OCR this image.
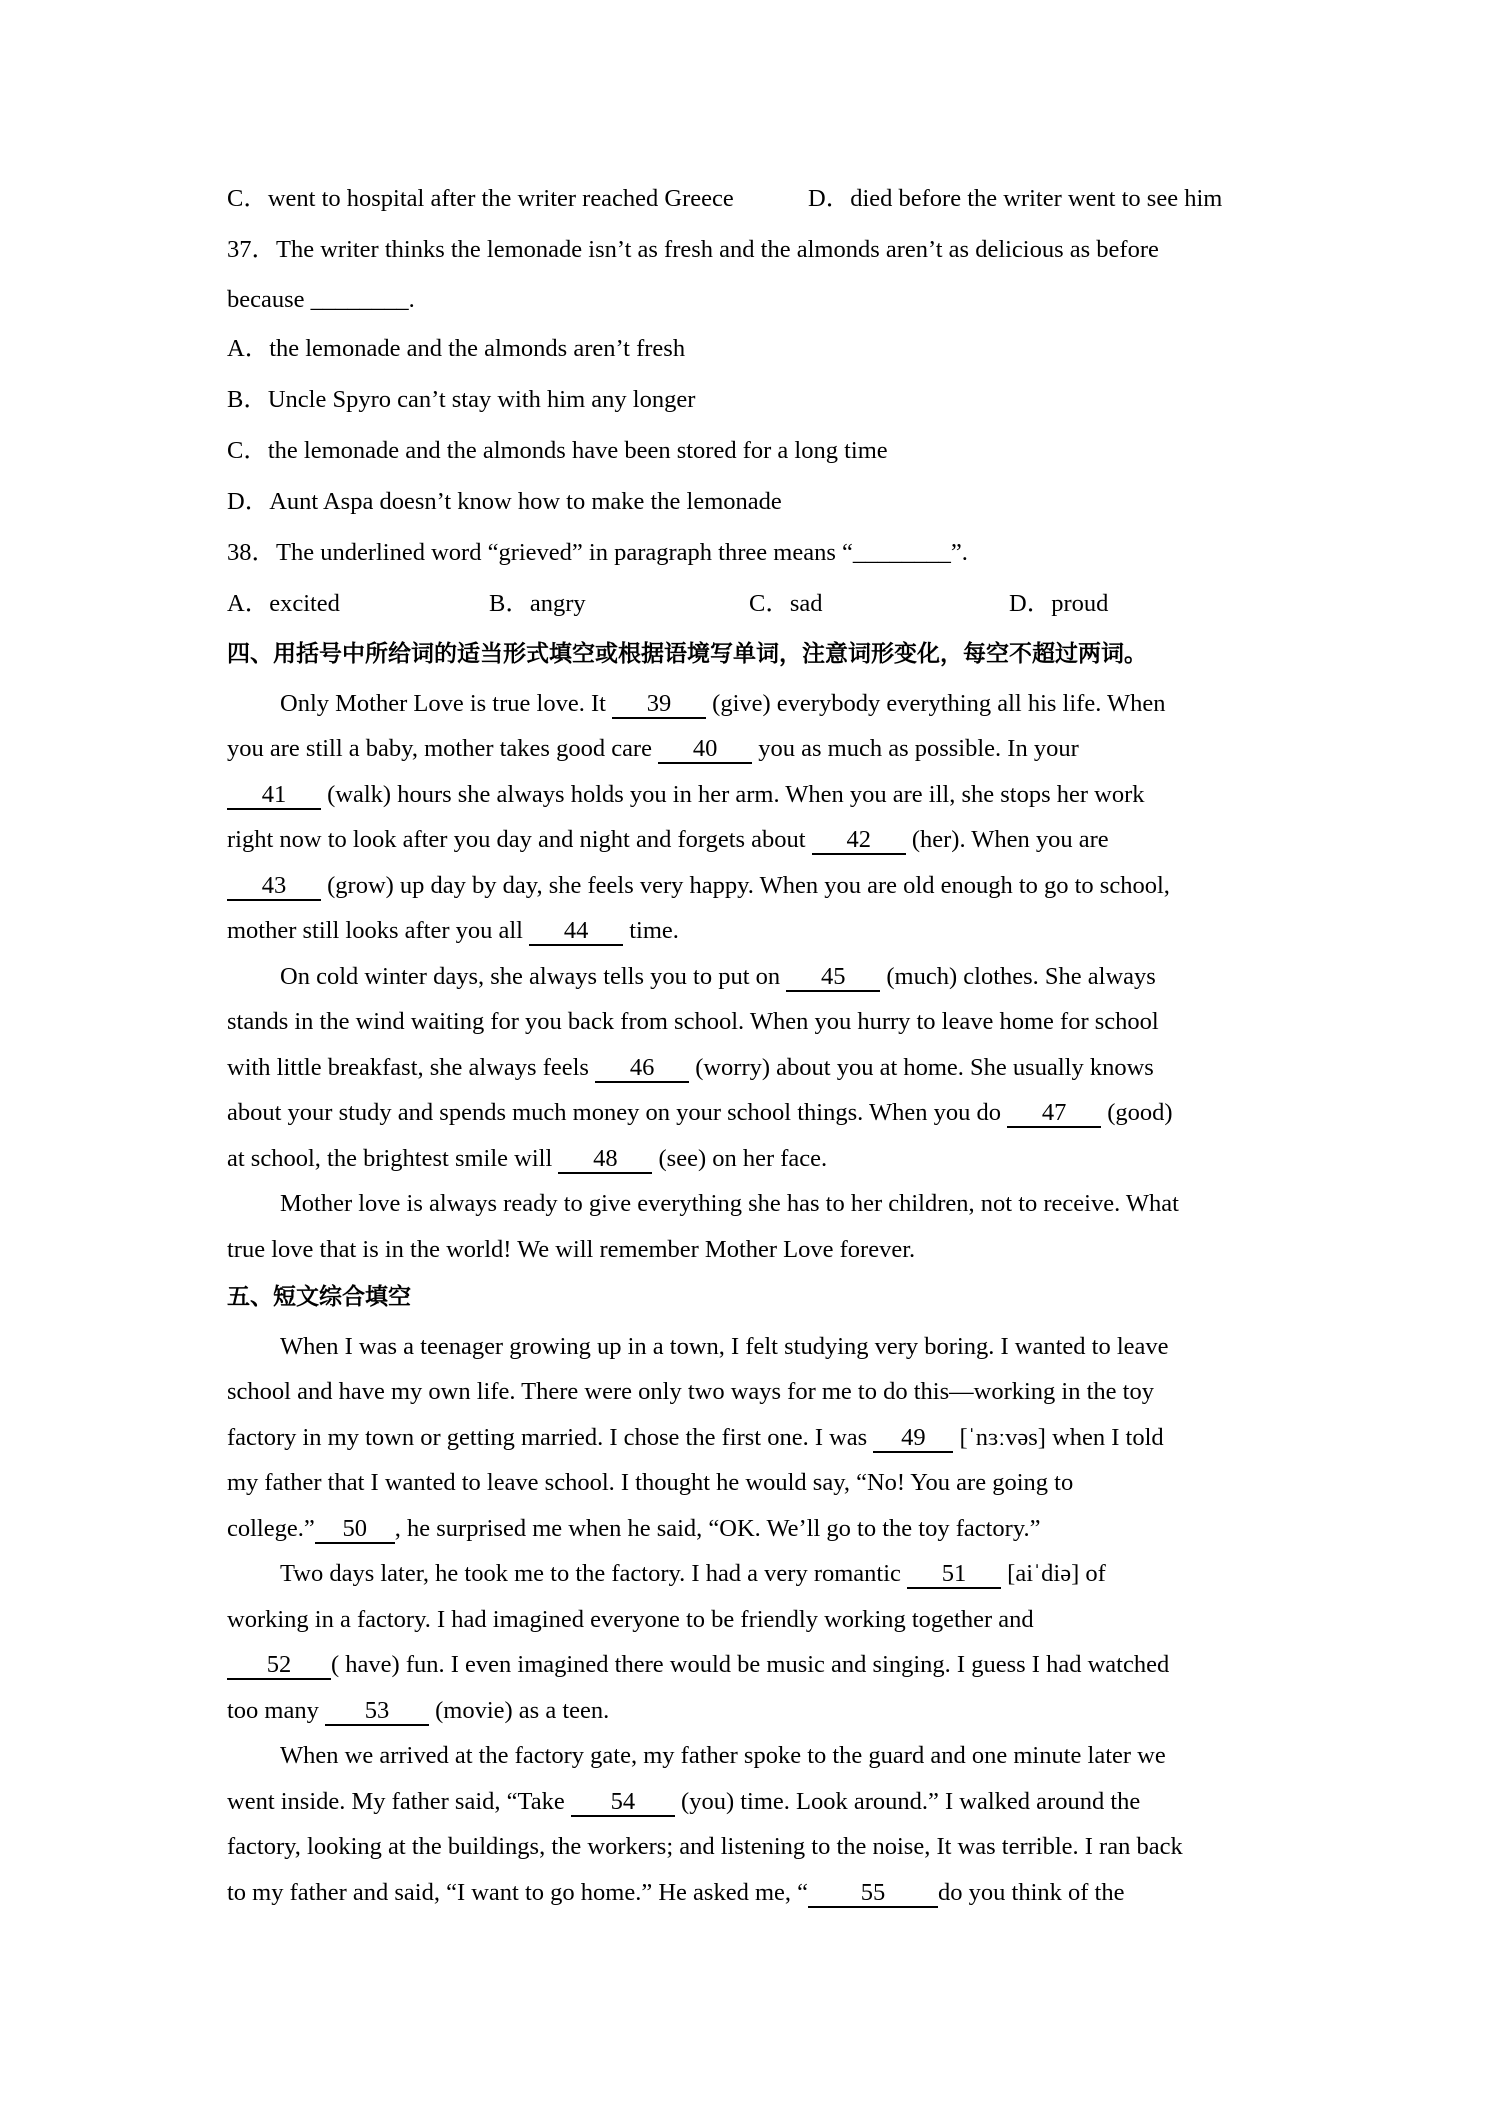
C．went to hospital after the writer reached Greece	D．died before the writer went to see him
37．The writer thinks the lemonade isn’t as fresh and the almonds aren’t as delicious as before
because ________.
A．the lemonade and the almonds aren’t fresh
B．Uncle Spyro can’t stay with him any longer
C．the lemonade and the almonds have been stored for a long time
D．Aunt Aspa doesn’t know how to make the lemonade
38．The underlined word “grieved” in paragraph three means “________”.
A．excited	B．angry	C．sad	D．proud
四、用括号中所给词的适当形式填空或根据语境写单词，注意词形变化，每空不超过两词。
Only Mother Love is true love. It 39 (give) everybody everything all his life. When
you are still a baby, mother takes good care 40 you as much as possible. In your
41 (walk) hours she always holds you in her arm. When you are ill, she stops her work
right now to look after you day and night and forgets about 42 (her). When you are
43 (grow) up day by day, she feels very happy. When you are old enough to go to school,
mother still looks after you all 44 time.
On cold winter days, she always tells you to put on 45 (much) clothes. She always
stands in the wind waiting for you back from school. When you hurry to leave home for school
with little breakfast, she always feels 46 (worry) about you at home. She usually knows
about your study and spends much money on your school things. When you do 47 (good)
at school, the brightest smile will 48 (see) on her face.
Mother love is always ready to give everything she has to her children, not to receive. What
true love that is in the world! We will remember Mother Love forever.
五、短文综合填空
When I was a teenager growing up in a town, I felt studying very boring. I wanted to leave
school and have my own life. There were only two ways for me to do this—working in the toy
factory in my town or getting married. I chose the first one. I was 49 [ˈnɜːvəs] when I told
my father that I wanted to leave school. I thought he would say, “No! You are going to
college.” 50 , he surprised me when he said, “OK. We’ll go to the toy factory.”
Two days later, he took me to the factory. I had a very romantic 51 [aiˈdiə] of
working in a factory. I had imagined everyone to be friendly working together and
52 ( have) fun. I even imagined there would be music and singing. I guess I had watched
too many 53 (movie) as a teen.
When we arrived at the factory gate, my father spoke to the guard and one minute later we
went inside. My father said, “Take 54 (you) time. Look around.” I walked around the
factory, looking at the buildings, the workers; and listening to the noise, It was terrible. I ran back
to my father and said, “I want to go home.” He asked me, “ 55 do you think of the
